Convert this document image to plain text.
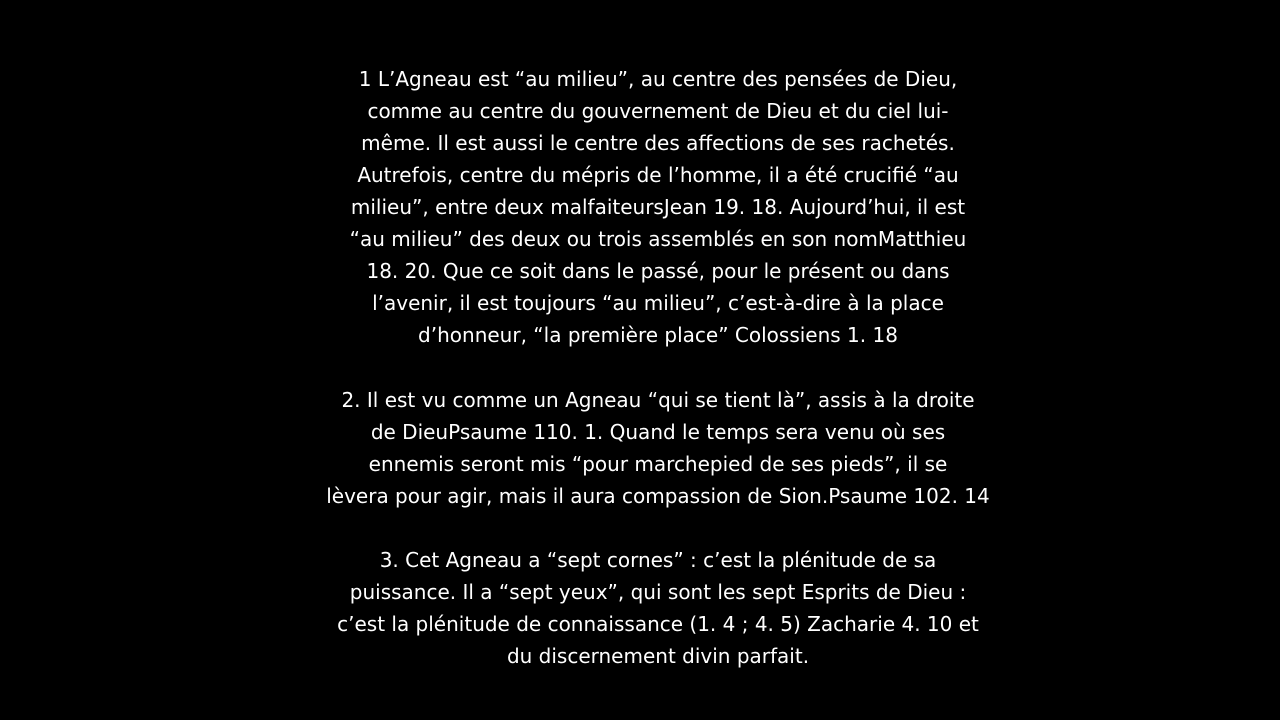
1 L’Agneau est “au milieu”, au centre des pensées de Dieu,
comme au centre du gouvernement de Dieu et du ciel lui-
même. Il est aussi le centre des affections de ses rachetés.
Autrefois, centre du mépris de l’homme, il a été crucifié “au
milieu”, entre deux malfaiteursJean 19. 18. Aujourd’hui, il est
“au milieu” des deux ou trois assemblés en son nomMatthieu
18. 20. Que ce soit dans le passé, pour le présent ou dans
l’avenir, il est toujours “au milieu”, c’est-à-dire à la place
d’honneur, “la première place” Colossiens 1. 18
2. Il est vu comme un Agneau “qui se tient là”, assis à la droite
de DieuPsaume 110. 1. Quand le temps sera venu où ses
ennemis seront mis “pour marchepied de ses pieds”, il se
lèvera pour agir, mais il aura compassion de Sion.Psaume 102. 14
3. Cet Agneau a “sept cornes” : c’est la plénitude de sa
puissance. Il a “sept yeux”, qui sont les sept Esprits de Dieu :
c’est la plénitude de connaissance (1. 4 ; 4. 5) Zacharie 4. 10 et
du discernement divin parfait.
